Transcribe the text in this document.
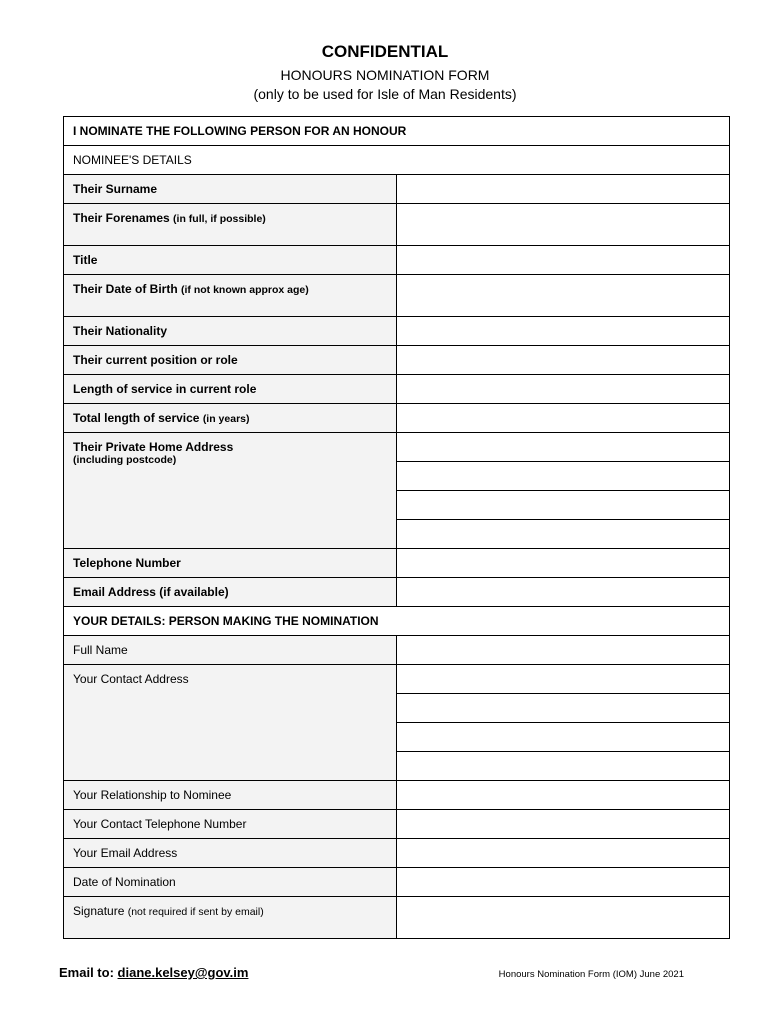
CONFIDENTIAL
HONOURS NOMINATION FORM
(only to be used for Isle of Man Residents)
I NOMINATE THE FOLLOWING PERSON FOR AN HONOUR	

NOMINEE'S DETAILS	

Their Surname	

Their Forenames (in full, if possible)	

Title	

Their Date of Birth (if not known approx age)	

Their Nationality	

Their current position or role	

Length of service in current role	

Total length of service (in years)	

Their Private Home Address
(including postcode)	

Telephone Number	

Email Address (if available)	

YOUR DETAILS: PERSON MAKING THE NOMINATION	

Full Name	

Your Contact Address	

Your Relationship to Nominee	

Your Contact Telephone Number	

Your Email Address	

Date of Nomination	

Signature (not required if sent by email)	

Email to: diane.kelsey@gov.im	Honours Nomination Form (IOM) June 2021
